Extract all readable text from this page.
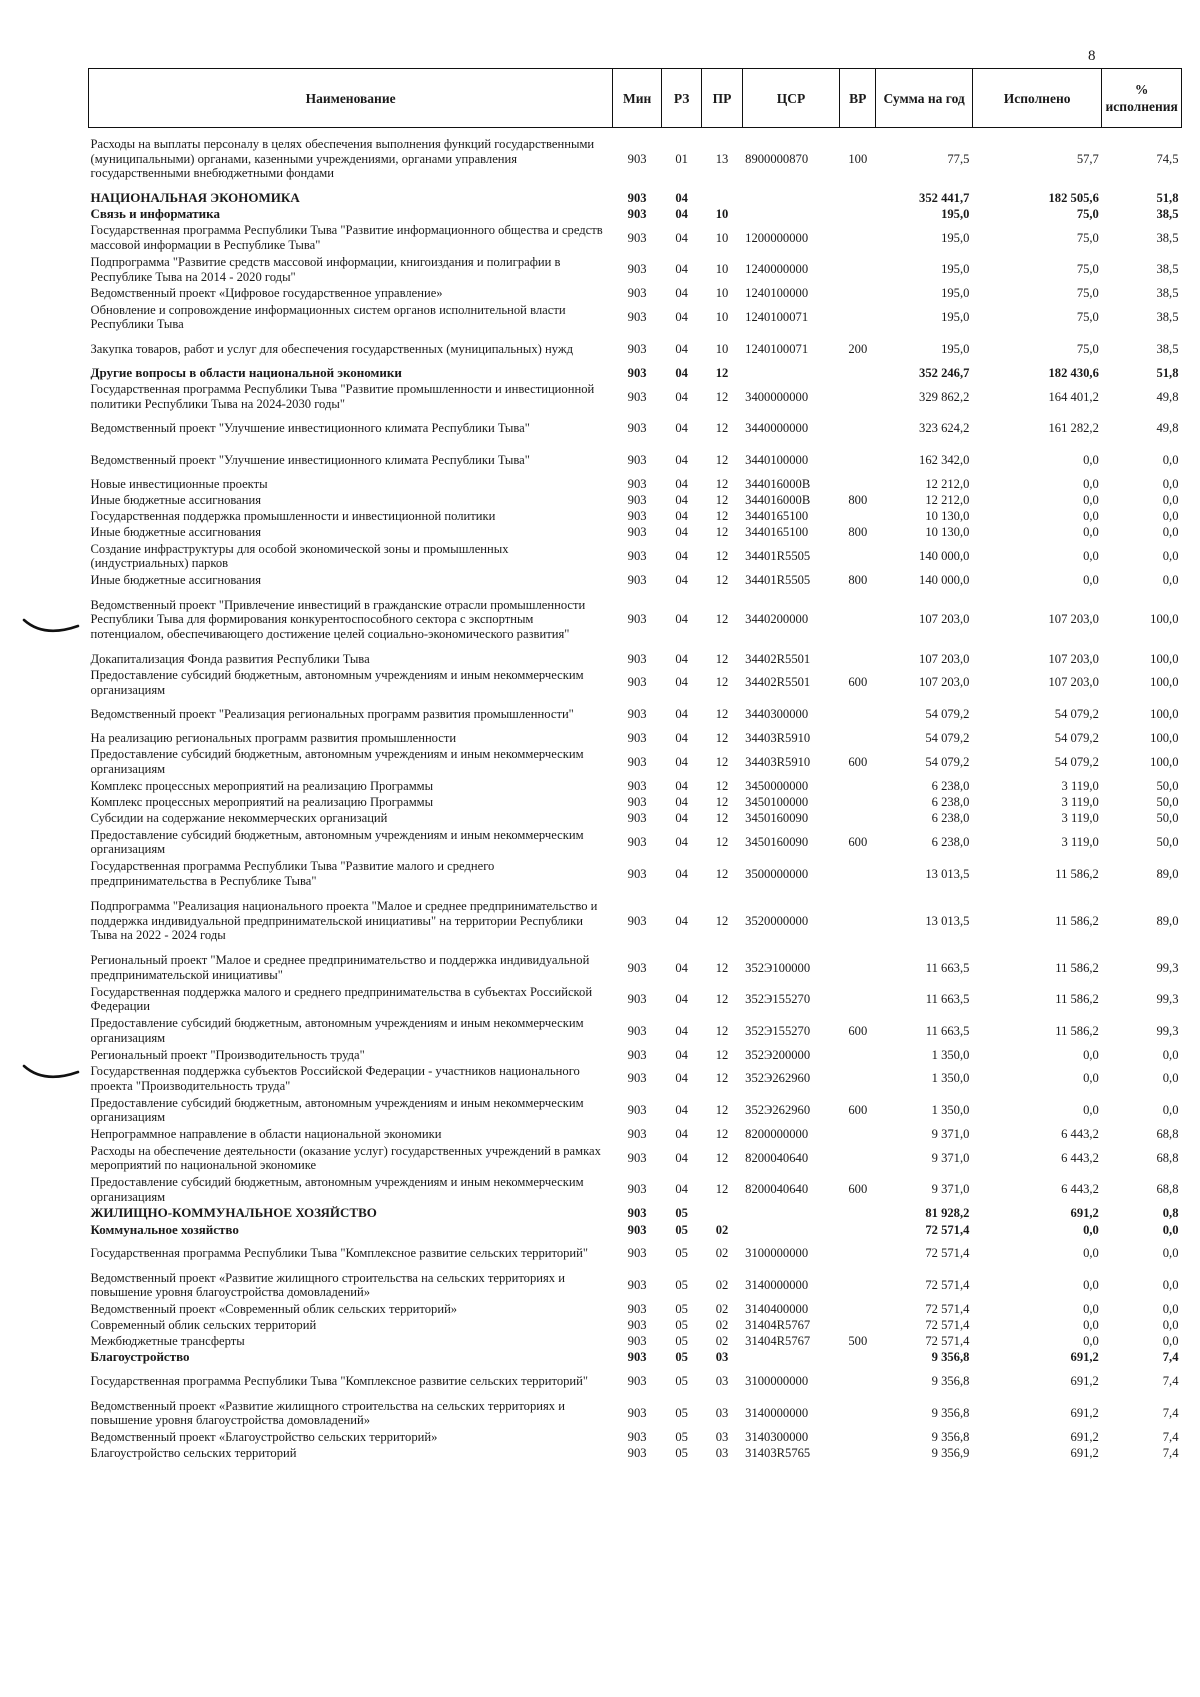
8
Наименование	Мин	РЗ	ПР	ЦСР	ВР	Сумма на год	Исполнено	% исполнения
Расходы на выплаты персоналу в целях обеспечения выполнения функций государственными (муниципальными) органами, казенными учреждениями, органами управления государственными внебюджетными фондами	903	01	13	8900000870	100	77,5	57,7	74,5
НАЦИОНАЛЬНАЯ ЭКОНОМИКА	903	04				352 441,7	182 505,6	51,8
Связь и информатика	903	04	10			195,0	75,0	38,5
Государственная программа Республики Тыва "Развитие информационного общества и средств массовой информации в Республике Тыва"	903	04	10	1200000000		195,0	75,0	38,5
Подпрограмма "Развитие средств массовой информации, книгоиздания и полиграфии в Республике Тыва на 2014 - 2020 годы"	903	04	10	1240000000		195,0	75,0	38,5
Ведомственный проект «Цифровое государственное управление»	903	04	10	1240100000		195,0	75,0	38,5
Обновление и сопровождение информационных систем органов исполнительной власти Республики Тыва	903	04	10	1240100071		195,0	75,0	38,5
Закупка товаров, работ и услуг для обеспечения государственных (муниципальных) нужд	903	04	10	1240100071	200	195,0	75,0	38,5
Другие вопросы в области национальной экономики	903	04	12			352 246,7	182 430,6	51,8
Государственная программа Республики Тыва "Развитие промышленности и инвестиционной политики Республики Тыва на 2024-2030 годы"	903	04	12	3400000000		329 862,2	164 401,2	49,8
Ведомственный проект "Улучшение инвестиционного климата Республики Тыва"	903	04	12	3440000000		323 624,2	161 282,2	49,8
Ведомственный проект "Улучшение инвестиционного климата Республики Тыва"	903	04	12	3440100000		162 342,0	0,0	0,0
Новые инвестиционные проекты	903	04	12	344016000В		12 212,0	0,0	0,0
Иные бюджетные ассигнования	903	04	12	344016000В	800	12 212,0	0,0	0,0
Государственная поддержка промышленности и инвестиционной политики	903	04	12	3440165100		10 130,0	0,0	0,0
Иные бюджетные ассигнования	903	04	12	3440165100	800	10 130,0	0,0	0,0
Создание инфраструктуры для особой экономической зоны и промышленных (индустриальных) парков	903	04	12	34401R5505		140 000,0	0,0	0,0
Иные бюджетные ассигнования	903	04	12	34401R5505	800	140 000,0	0,0	0,0
Ведомственный проект "Привлечение инвестиций в гражданские отрасли промышленности Республики Тыва для формирования конкурентоспособного сектора с экспортным потенциалом, обеспечивающего достижение целей социально-экономического развития"	903	04	12	3440200000		107 203,0	107 203,0	100,0
Докапитализация Фонда развития Республики Тыва	903	04	12	34402R5501		107 203,0	107 203,0	100,0
Предоставление субсидий бюджетным, автономным учреждениям и иным некоммерческим организациям	903	04	12	34402R5501	600	107 203,0	107 203,0	100,0
Ведомственный проект "Реализация региональных программ развития промышленности"	903	04	12	3440300000		54 079,2	54 079,2	100,0
На реализацию региональных программ развития промышленности	903	04	12	34403R5910		54 079,2	54 079,2	100,0
Предоставление субсидий бюджетным, автономным учреждениям и иным некоммерческим организациям	903	04	12	34403R5910	600	54 079,2	54 079,2	100,0
Комплекс процессных мероприятий на реализацию Программы	903	04	12	3450000000		6 238,0	3 119,0	50,0
Комплекс процессных мероприятий на реализацию Программы	903	04	12	3450100000		6 238,0	3 119,0	50,0
Субсидии на содержание некоммерческих организаций	903	04	12	3450160090		6 238,0	3 119,0	50,0
Предоставление субсидий бюджетным, автономным учреждениям и иным некоммерческим организациям	903	04	12	3450160090	600	6 238,0	3 119,0	50,0
Государственная программа Республики Тыва "Развитие малого и среднего предпринимательства в Республике Тыва"	903	04	12	3500000000		13 013,5	11 586,2	89,0
Подпрограмма "Реализация национального проекта "Малое и среднее предпринимательство и поддержка индивидуальной предпринимательской инициативы" на территории Республики Тыва на 2022 - 2024 годы	903	04	12	3520000000		13 013,5	11 586,2	89,0
Региональный проект "Малое и среднее предпринимательство и поддержка индивидуальной предпринимательской инициативы"	903	04	12	352Э100000		11 663,5	11 586,2	99,3
Государственная поддержка малого и среднего предпринимательства в субъектах Российской Федерации	903	04	12	352Э155270		11 663,5	11 586,2	99,3
Предоставление субсидий бюджетным, автономным учреждениям и иным некоммерческим организациям	903	04	12	352Э155270	600	11 663,5	11 586,2	99,3
Региональный проект "Производительность труда"	903	04	12	352Э200000		1 350,0	0,0	0,0
Государственная поддержка субъектов Российской Федерации - участников национального проекта "Производительность труда"	903	04	12	352Э262960		1 350,0	0,0	0,0
Предоставление субсидий бюджетным, автономным учреждениям и иным некоммерческим организациям	903	04	12	352Э262960	600	1 350,0	0,0	0,0
Непрограммное направление в области национальной экономики	903	04	12	8200000000		9 371,0	6 443,2	68,8
Расходы на обеспечение деятельности (оказание услуг) государственных учреждений в рамках мероприятий по национальной экономике	903	04	12	8200040640		9 371,0	6 443,2	68,8
Предоставление субсидий бюджетным, автономным учреждениям и иным некоммерческим организациям	903	04	12	8200040640	600	9 371,0	6 443,2	68,8
ЖИЛИЩНО-КОММУНАЛЬНОЕ ХОЗЯЙСТВО	903	05				81 928,2	691,2	0,8
Коммунальное хозяйство	903	05	02			72 571,4	0,0	0,0
Государственная программа Республики Тыва "Комплексное развитие сельских территорий"	903	05	02	3100000000		72 571,4	0,0	0,0
Ведомственный проект «Развитие жилищного строительства на сельских территориях и повышение уровня благоустройства домовладений»	903	05	02	3140000000		72 571,4	0,0	0,0
Ведомственный проект «Современный облик сельских территорий»	903	05	02	3140400000		72 571,4	0,0	0,0
Современный облик сельских территорий	903	05	02	31404R5767		72 571,4	0,0	0,0
Межбюджетные трансферты	903	05	02	31404R5767	500	72 571,4	0,0	0,0
Благоустройство	903	05	03			9 356,8	691,2	7,4
Государственная программа Республики Тыва "Комплексное развитие сельских территорий"	903	05	03	3100000000		9 356,8	691,2	7,4
Ведомственный проект «Развитие жилищного строительства на сельских территориях и повышение уровня благоустройства домовладений»	903	05	03	3140000000		9 356,8	691,2	7,4
Ведомственный проект «Благоустройство сельских территорий»	903	05	03	3140300000		9 356,8	691,2	7,4
Благоустройство сельских территорий	903	05	03	31403R5765		9 356,9	691,2	7,4
